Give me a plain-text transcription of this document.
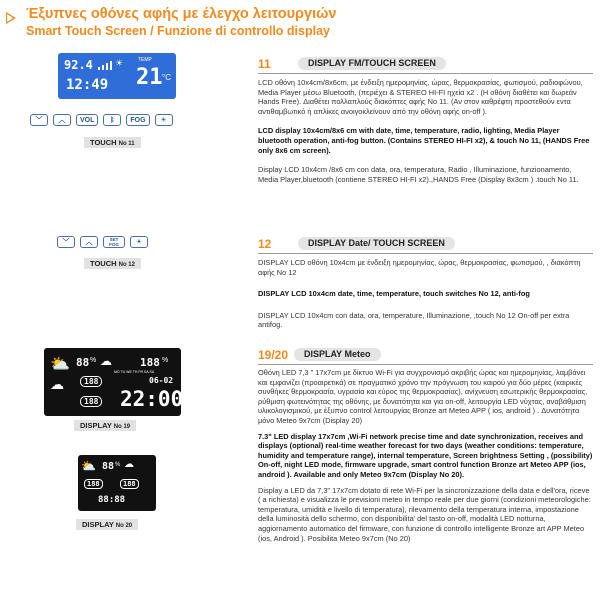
Έξυπνες οθόνες αφής με έλεγχο λειτουργιών
Smart Touch Screen / Funzione di controllo display
92.4 ☀
12:49
TEMP
21 °C
﹀ ︿	VOL	ᛒ	FOG	☀
TOUCH No 11
﹀ ︿	SET FOG	☀
TOUCH No 12
⛅ 88 % ☁	188 %
☁	188
MO TU WE TH FR SA SU
06-02
188 22:00
DISPLAY No 19
⛅ 88 % ☁
188	188
88:88
DISPLAY No 20
11	DISPLAY FM/TOUCH SCREEN

LCD οθόνη 10x4cm/8x6cm, με ένδειξη ημερομηνίας, ώρας, θερμοκρασίας, φωτισμού, ραδιοφώνου, Media Player μέσω Bluetooth, (περιέχει & STEREO HI-FI ηχεία x2 . (Η οθόνη διαθέτει και δωρεάν Hands Free). Διαθέτει πολλαπλούς διακόπτες αφής No 11. (Αν στον καθρέφτη προστεθούν εντα αντιθαμβωτικό ή απλίκες ανοιγοκλείνουν από την οθόνη αφής on-off ).

LCD display 10x4cm/8x6 cm with date, time, temperature, radio, lighting, Media Player bluetooth operation, anti-fog button. (Contains STEREO HI-FI x2), & touch No 11, (HANDS Free only 8x6 cm screen).

Display LCD 10x4cm /8x6 cm con data, ora, temperatura, Radio , Illuminazione, funzionamento, Media Player,bluetooth (contiene STEREO HI-FI x2).,HANDS Free (Display 8x3cm ) .touch No 11.

12	DISPLAY Date/ TOUCH SCREEN

DISPLAY LCD οθόνη 10x4cm με ένδειξη ημερομηνίας, ώρας, θερμοκρασίας, φωτισμού, , διακόπτη αφής No 12

DISPLAY LCD 10x4cm date, time, temperature, touch switches No 12, anti-fog

DISPLAY LCD 10x4cm con data, ora, temperature, Illuminazione, ,touch No 12 On-off per extra antifog.

19/20	DISPLAY Meteo

Οθόνη LED 7,3 " 17x7cm με δίκτυο Wi-Fi για συγχρονισμό ακριβής ώρας και ημερομηνίας, λαμβάνει και εμφανίζει (προαιρετικά) σε πραγματικό χρόνο την πρόγνωση του καιρού για δύο μέρες (καιρικές συνθήκες θερμοκρασία, υγρασία και εύρος της θερμοκρασίας), ανίχνευση εσωτερικής θερμοκρασίας, ρύθμιση φωτεινότητας της οθόνης, με δυνατότητα και για on-off, λειτουργία LED νύχτας, αναβάθμιση υλικολογισμικού, με έξυπνο control λειτουργίας Bronze art Meteo APP ( ios, android ) . Δυνατότητα μόνο Meteo 9x7cm (Display 20)

7.3" LED display 17x7cm ,Wi-Fi network precise time and date synchronization, receives and displays (optional) real-time weather forecast for two days (weather conditions: temperature, humidity and temperature range), internal temperature, Screen brightness Setting , (possibility) On-off, night LED mode, firmware upgrade, smart control function Bronze art Meteo APP (ios, android ). Available and only Meteo 9x7cm (Display No 20).

Display a LED da 7,3" 17x7cm dotato di rete Wi-Fi per la sincronizzazione della data e dell'ora, riceve ( a richiesta) e visualizza le previsioni meteo in tempo reale per due giorni (condizioni meteorologiche: temperatura, umidità e livello di temperatura), rilevamento della temperatura interna, impostazione della luminosità dello schermo, con disponibilita' del tasto on-off, modalità LED notturna, aggiornamento automatico del firmware, con funzione di controllo intelligente Bronze art APP Meteo (ios, Android ). Posibilita Meteo 9x7cm (No 20)
